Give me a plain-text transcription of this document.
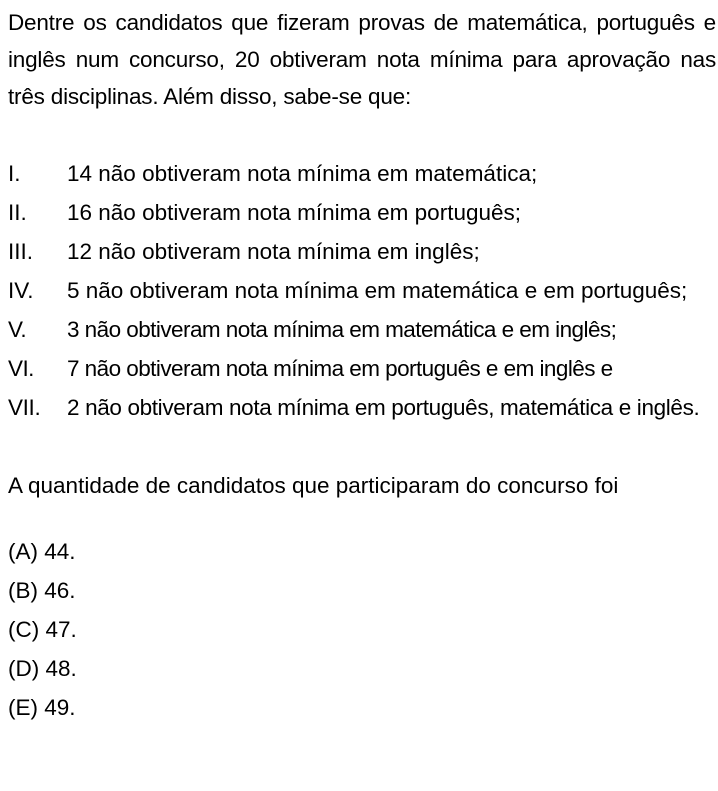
Dentre os candidatos que fizeram provas de matemática, português e inglês num concurso, 20 obtiveram nota mínima para aprovação nas três disciplinas. Além disso, sabe-se que:

I. 14 não obtiveram nota mínima em matemática;
II. 16 não obtiveram nota mínima em português;
III. 12 não obtiveram nota mínima em inglês;
IV. 5 não obtiveram nota mínima em matemática e em português;
V. 3 não obtiveram nota mínima em matemática e em inglês;
VI. 7 não obtiveram nota mínima em português e em inglês e
VII. 2 não obtiveram nota mínima em português, matemática e inglês.

A quantidade de candidatos que participaram do concurso foi

(A) 44.
(B) 46.
(C) 47.
(D) 48.
(E) 49.
